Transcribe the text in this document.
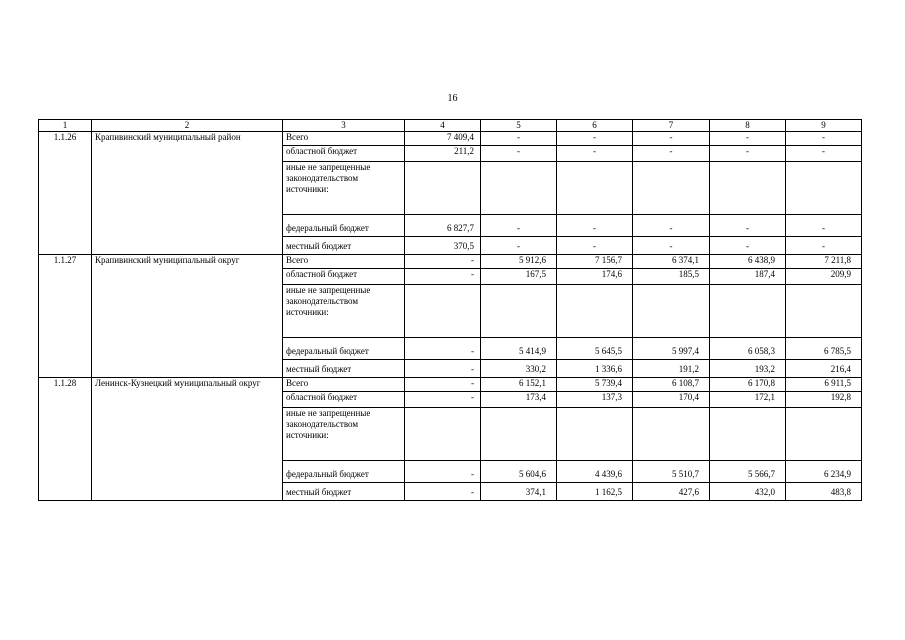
16
1	2	3	4	5	6	7	8	9
1.1.26	Крапивинский муниципальный район	Всего	7 409,4	-	-	-	-	-
		областной бюджет	211,2	-	-	-	-	-
		иные не запрещенные законодательством источники:						
		федеральный бюджет	6 827,7	-	-	-	-	-
		местный бюджет	370,5	-	-	-	-	-
1.1.27	Крапивинский муниципальный округ	Всего	-	5 912,6	7 156,7	6 374,1	6 438,9	7 211,8
		областной бюджет	-	167,5	174,6	185,5	187,4	209,9
		иные не запрещенные законодательством источники:						
		федеральный бюджет	-	5 414,9	5 645,5	5 997,4	6 058,3	6 785,5
		местный бюджет	-	330,2	1 336,6	191,2	193,2	216,4
1.1.28	Ленинск-Кузнецкий муниципальный округ	Всего	-	6 152,1	5 739,4	6 108,7	6 170,8	6 911,5
		областной бюджет	-	173,4	137,3	170,4	172,1	192,8
		иные не запрещенные законодательством источники:						
		федеральный бюджет	-	5 604,6	4 439,6	5 510,7	5 566,7	6 234,9
		местный бюджет	-	374,1	1 162,5	427,6	432,0	483,8
